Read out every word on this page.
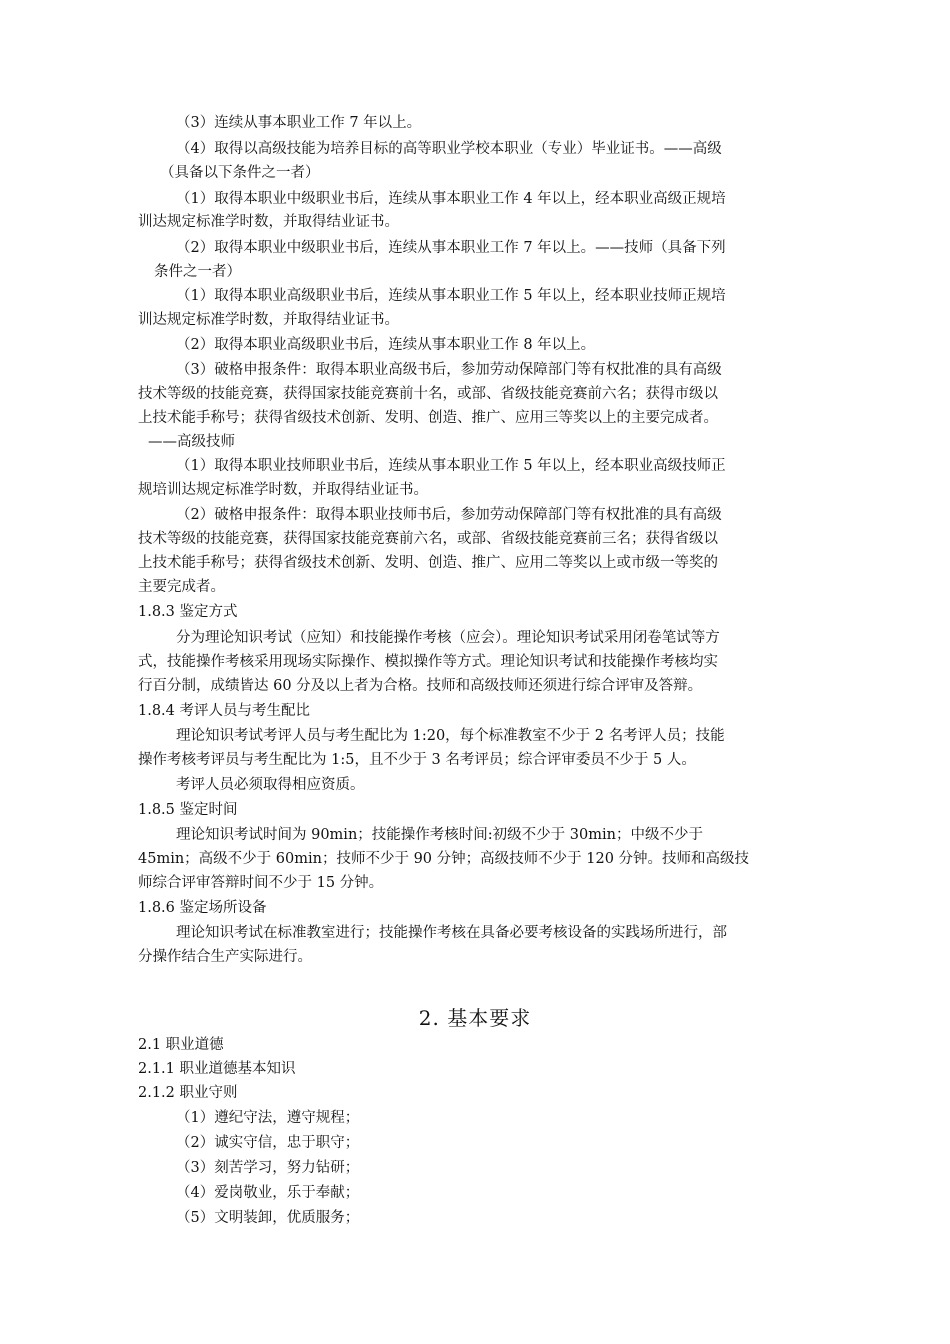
（3）连续从事本职业工作 7 年以上。
（4）取得以高级技能为培养目标的高等职业学校本职业（专业）毕业证书。——高级
（具备以下条件之一者）
（1）取得本职业中级职业书后，连续从事本职业工作 4 年以上，经本职业高级正规培
训达规定标准学时数，并取得结业证书。
（2）取得本职业中级职业书后，连续从事本职业工作 7 年以上。——技师（具备下列
条件之一者）
（1）取得本职业高级职业书后，连续从事本职业工作 5 年以上，经本职业技师正规培
训达规定标准学时数，并取得结业证书。
（2）取得本职业高级职业书后，连续从事本职业工作 8 年以上。
（3）破格申报条件：取得本职业高级书后，参加劳动保障部门等有权批准的具有高级
技术等级的技能竞赛，获得国家技能竞赛前十名，或部、省级技能竞赛前六名；获得市级以
上技术能手称号；获得省级技术创新、发明、创造、推广、应用三等奖以上的主要完成者。
——高级技师
（1）取得本职业技师职业书后，连续从事本职业工作 5 年以上，经本职业高级技师正
规培训达规定标准学时数，并取得结业证书。
（2）破格申报条件：取得本职业技师书后，参加劳动保障部门等有权批准的具有高级
技术等级的技能竞赛，获得国家技能竞赛前六名，或部、省级技能竞赛前三名；获得省级以
上技术能手称号；获得省级技术创新、发明、创造、推广、应用二等奖以上或市级一等奖的
主要完成者。
1.8.3 鉴定方式
分为理论知识考试（应知）和技能操作考核（应会）。理论知识考试采用闭卷笔试等方
式，技能操作考核采用现场实际操作、模拟操作等方式。理论知识考试和技能操作考核均实
行百分制，成绩皆达 60 分及以上者为合格。技师和高级技师还须进行综合评审及答辩。
1.8.4 考评人员与考生配比
理论知识考试考评人员与考生配比为 1:20，每个标准教室不少于 2 名考评人员；技能
操作考核考评员与考生配比为 1:5，且不少于 3 名考评员；综合评审委员不少于 5 人。
考评人员必须取得相应资质。
1.8.5 鉴定时间
理论知识考试时间为 90min；技能操作考核时间:初级不少于 30min；中级不少于
45min；高级不少于 60min；技师不少于 90 分钟；高级技师不少于 120 分钟。技师和高级技
师综合评审答辩时间不少于 15 分钟。
1.8.6 鉴定场所设备
理论知识考试在标准教室进行；技能操作考核在具备必要考核设备的实践场所进行，部
分操作结合生产实际进行。
2. 基本要求
2.1 职业道德
2.1.1 职业道德基本知识
2.1.2 职业守则
（1）遵纪守法，遵守规程；
（2）诚实守信，忠于职守；
（3）刻苦学习，努力钻研；
（4）爱岗敬业，乐于奉献；
（5）文明装卸，优质服务；
